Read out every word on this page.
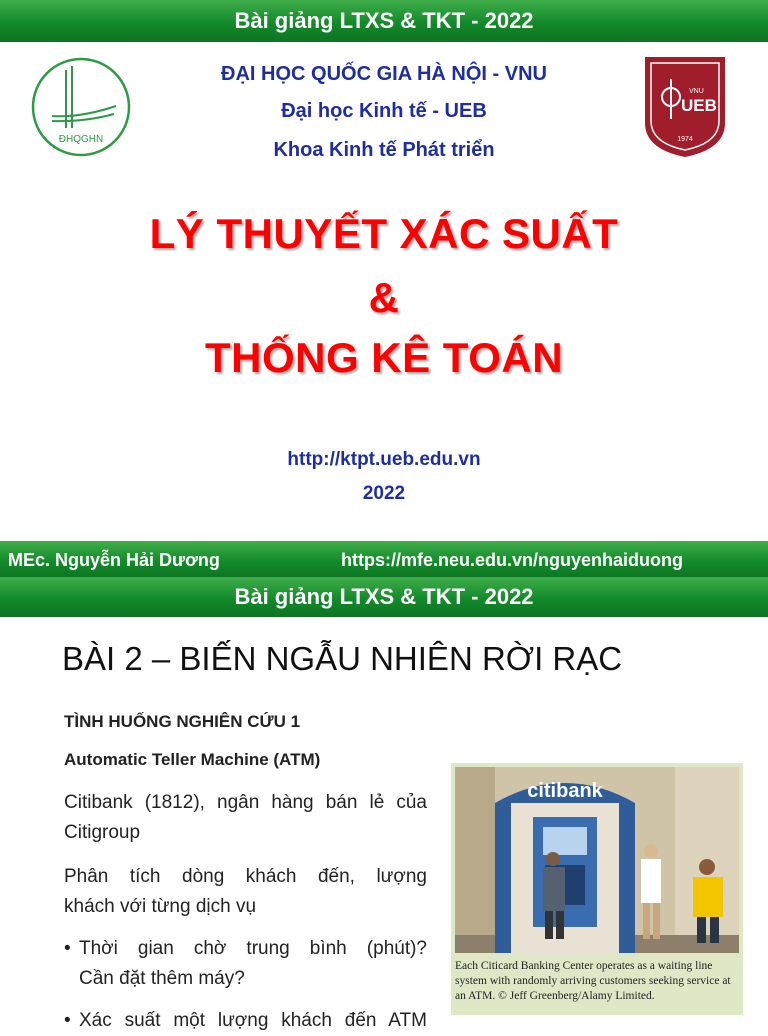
Bài giảng LTXS & TKT - 2022
ĐHQGHN
VNU
UEB
1974
ĐẠI HỌC QUỐC GIA HÀ NỘI - VNU
Đại học Kinh tế - UEB
Khoa Kinh tế Phát triển
LÝ THUYẾT XÁC SUẤT
&
THỐNG KÊ TOÁN
http://ktpt.ueb.edu.vn
2022
MEc. Nguyễn Hải Dương	https://mfe.neu.edu.vn/nguyenhaiduong
Bài giảng LTXS & TKT - 2022
BÀI 2 – BIẾN NGẪU NHIÊN RỜI RẠC
TÌNH HUỐNG NGHIÊN CỨU 1
Automatic Teller Machine (ATM)
Citibank (1812), ngân hàng bán lẻ của
Citigroup
Phân tích dòng khách đến, lượng
khách với từng dịch vụ
• Thời gian chờ trung bình (phút)?
Cần đặt thêm máy?
• Xác suất một lượng khách đến ATM
citibank
Each Citicard Banking Center operates as a waiting line system with randomly arriving customers seeking service at an ATM. © Jeff Greenberg/Alamy Limited.
